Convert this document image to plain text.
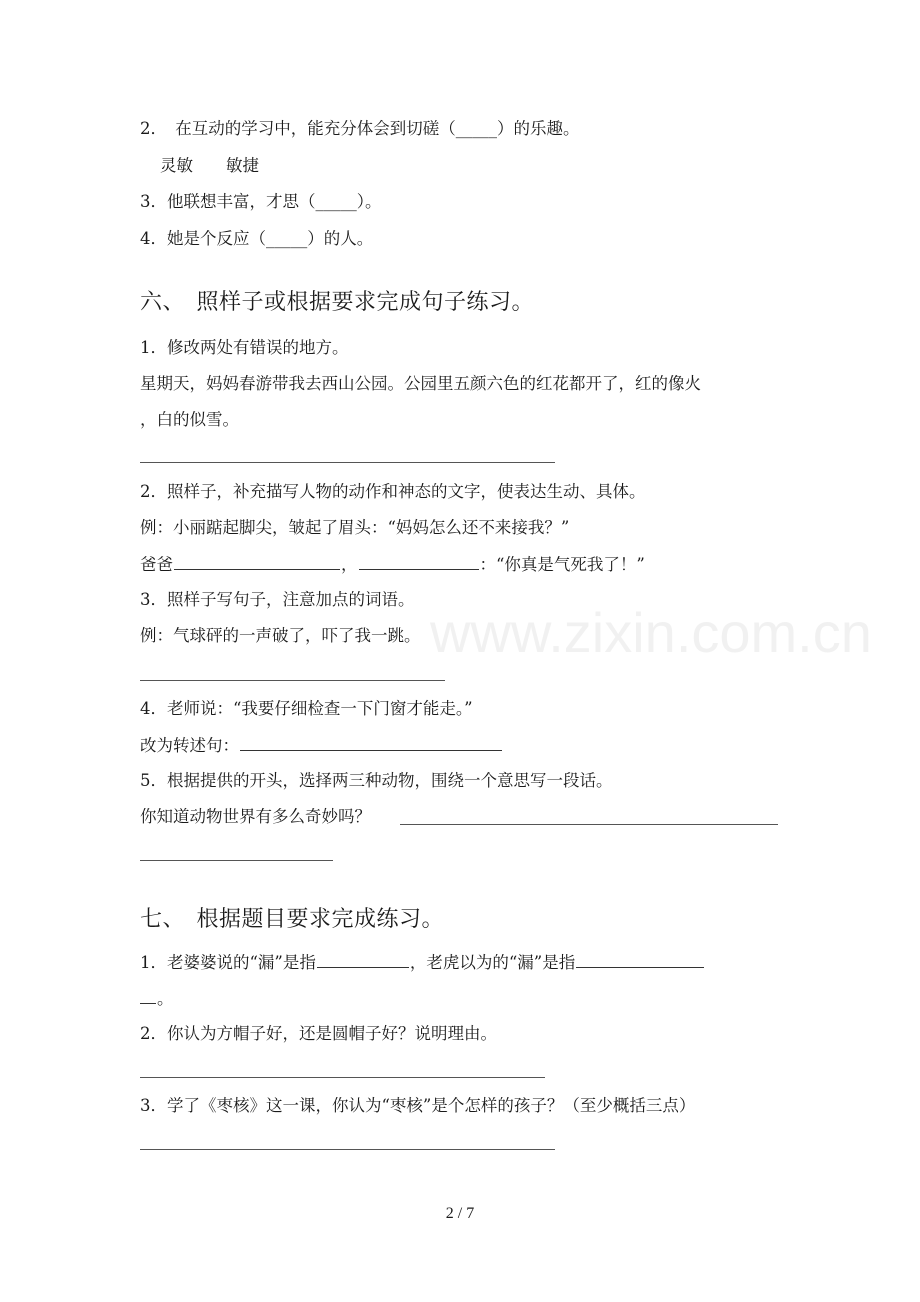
2．　在互动的学习中，能充分体会到切磋（_____）的乐趣。
灵敏　　敏捷
3．他联想丰富，才思（_____）。
4．她是个反应（_____）的人。
六、　照样子或根据要求完成句子练习。
1．修改两处有错误的地方。
星期天，妈妈春游带我去西山公园。公园里五颜六色的红花都开了，红的像火
，白的似雪。
2．照样子，补充描写人物的动作和神态的文字，使表达生动、具体。
例：小丽踮起脚尖，皱起了眉头：“妈妈怎么还不来接我？”
爸爸	，	：“你真是气死我了！”
3．照样子写句子，注意加点的词语。
例：气球砰的一声破了，吓了我一跳。
4．老师说：“我要仔细检查一下门窗才能走。”
改为转述句：
5．根据提供的开头，选择两三种动物，围绕一个意思写一段话。
你知道动物世界有多么奇妙吗？
七、　根据题目要求完成练习。
1．老婆婆说的“漏”是指	，老虎以为的“漏”是指
。
2．你认为方帽子好，还是圆帽子好？说明理由。
3．学了《枣核》这一课，你认为“枣核”是个怎样的孩子？（至少概括三点）
www.zixin.com.cn
2 / 7
